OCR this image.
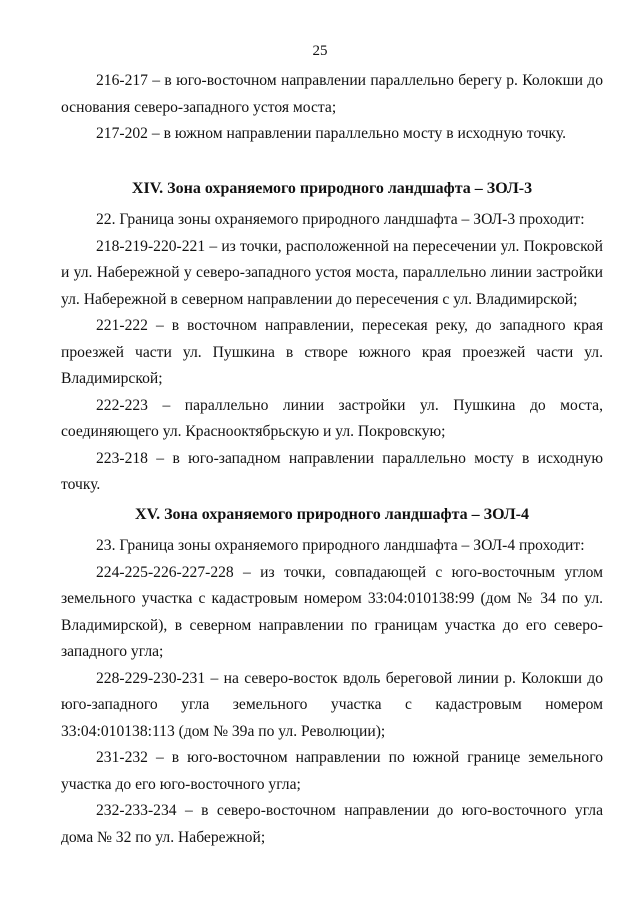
25

216-217 – в юго-восточном направлении параллельно берегу р. Колокши до основания северо-западного устоя моста;

217-202 – в южном направлении параллельно мосту в исходную точку.

XIV. Зона охраняемого природного ландшафта – ЗОЛ-3

22. Граница зоны охраняемого природного ландшафта – ЗОЛ-3 проходит:

218-219-220-221 – из точки, расположенной на пересечении ул. Покровской и ул. Набережной у северо-западного устоя моста, параллельно линии застройки ул. Набережной в северном направлении до пересечения с ул. Владимирской;

221-222 – в восточном направлении, пересекая реку, до западного края проезжей части ул. Пушкина в створе южного края проезжей части ул. Владимирской;

222-223 – параллельно линии застройки ул. Пушкина до моста, соединяющего ул. Краснооктябрьскую и ул. Покровскую;

223-218 – в юго-западном направлении параллельно мосту в исходную точку.

XV. Зона охраняемого природного ландшафта – ЗОЛ-4

23. Граница зоны охраняемого природного ландшафта – ЗОЛ-4 проходит:

224-225-226-227-228 – из точки, совпадающей с юго-восточным углом земельного участка с кадастровым номером 33:04:010138:99 (дом № 34 по ул. Владимирской), в северном направлении по границам участка до его северо-западного угла;

228-229-230-231 – на северо-восток вдоль береговой линии р. Колокши до юго-западного угла земельного участка с кадастровым номером 33:04:010138:113 (дом № 39а по ул. Революции);

231-232 – в юго-восточном направлении по южной границе земельного участка до его юго-восточного угла;

232-233-234 – в северо-восточном направлении до юго-восточного угла дома № 32 по ул. Набережной;
